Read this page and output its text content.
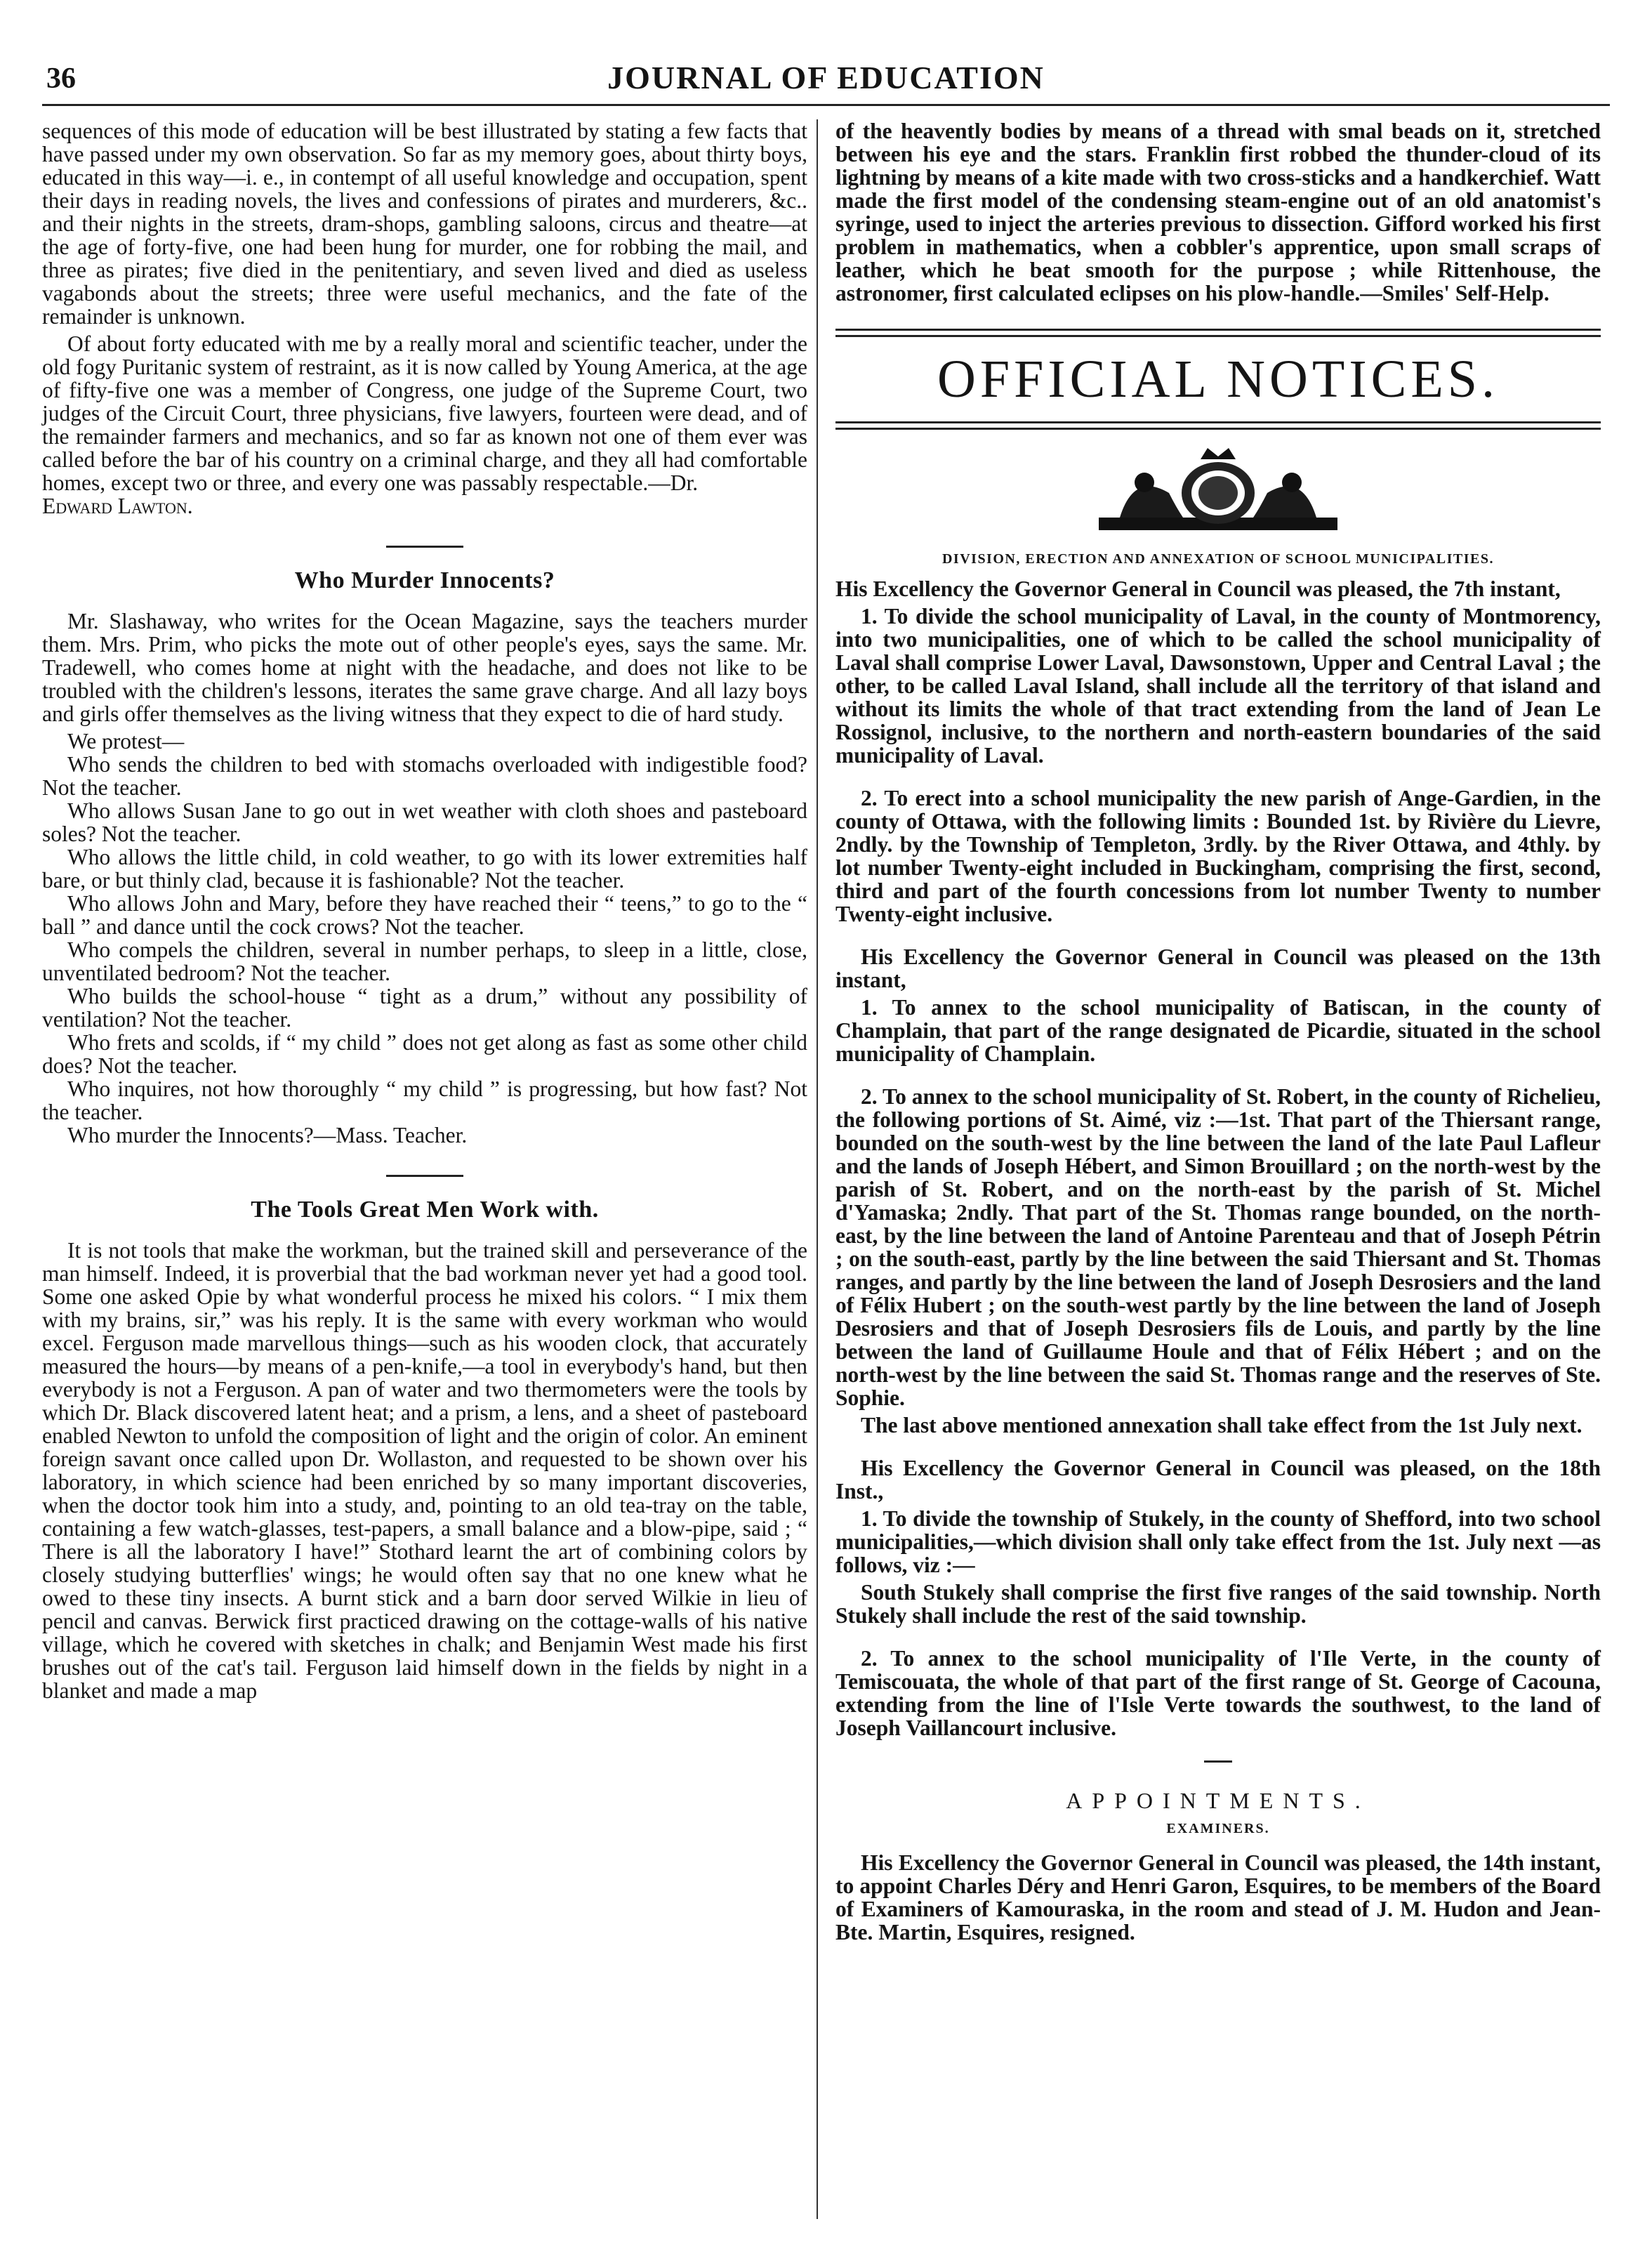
36	JOURNAL OF EDUCATION

sequences of this mode of education will be best illustrated by stating a few facts that have passed under my own observation. So far as my memory goes, about thirty boys, educated in this way—i. e., in contempt of all useful knowledge and occupation, spent their days in reading novels, the lives and confessions of pirates and murderers, &c.. and their nights in the streets, dram-shops, gambling saloons, circus and theatre—at the age of forty-five, one had been hung for murder, one for robbing the mail, and three as pirates; five died in the penitentiary, and seven lived and died as useless vagabonds about the streets; three were useful mechanics, and the fate of the remainder is unknown.

Of about forty educated with me by a really moral and scientific teacher, under the old fogy Puritanic system of restraint, as it is now called by Young America, at the age of fifty-five one was a member of Congress, one judge of the Supreme Court, two judges of the Circuit Court, three physicians, five lawyers, fourteen were dead, and of the remainder farmers and mechanics, and so far as known not one of them ever was called before the bar of his country on a criminal charge, and they all had comfortable homes, except two or three, and every one was passably respectable.—Dr.

Edward Lawton.

Who Murder Innocents?

Mr. Slashaway, who writes for the Ocean Magazine, says the teachers murder them. Mrs. Prim, who picks the mote out of other people's eyes, says the same. Mr. Tradewell, who comes home at night with the headache, and does not like to be troubled with the children's lessons, iterates the same grave charge. And all lazy boys and girls offer themselves as the living witness that they expect to die of hard study.

We protest—

Who sends the children to bed with stomachs overloaded with indigestible food? Not the teacher.

Who allows Susan Jane to go out in wet weather with cloth shoes and pasteboard soles? Not the teacher.

Who allows the little child, in cold weather, to go with its lower extremities half bare, or but thinly clad, because it is fashionable? Not the teacher.

Who allows John and Mary, before they have reached their “ teens,” to go to the “ ball ” and dance until the cock crows? Not the teacher.

Who compels the children, several in number perhaps, to sleep in a little, close, unventilated bedroom? Not the teacher.

Who builds the school-house “ tight as a drum,” without any possibility of ventilation? Not the teacher.

Who frets and scolds, if “ my child ” does not get along as fast as some other child does? Not the teacher.

Who inquires, not how thoroughly “ my child ” is progressing, but how fast? Not the teacher.

Who murder the Innocents?—Mass. Teacher.

The Tools Great Men Work with.

It is not tools that make the workman, but the trained skill and perseverance of the man himself. Indeed, it is proverbial that the bad workman never yet had a good tool. Some one asked Opie by what wonderful process he mixed his colors. “ I mix them with my brains, sir,” was his reply. It is the same with every workman who would excel. Ferguson made marvellous things—such as his wooden clock, that accurately measured the hours—by means of a pen-knife,—a tool in everybody's hand, but then everybody is not a Ferguson. A pan of water and two thermometers were the tools by which Dr. Black discovered latent heat; and a prism, a lens, and a sheet of pasteboard enabled Newton to unfold the composition of light and the origin of color. An eminent foreign savant once called upon Dr. Wollaston, and requested to be shown over his laboratory, in which science had been enriched by so many important discoveries, when the doctor took him into a study, and, pointing to an old tea-tray on the table, containing a few watch-glasses, test-papers, a small balance and a blow-pipe, said ; “ There is all the laboratory I have!” Stothard learnt the art of combining colors by closely studying butterflies' wings; he would often say that no one knew what he owed to these tiny insects. A burnt stick and a barn door served Wilkie in lieu of pencil and canvas. Berwick first practiced drawing on the cottage-walls of his native village, which he covered with sketches in chalk; and Benjamin West made his first brushes out of the cat's tail. Ferguson laid himself down in the fields by night in a blanket and made a map

of the heavently bodies by means of a thread with smal beads on it, stretched between his eye and the stars. Franklin first robbed the thunder-cloud of its lightning by means of a kite made with two cross-sticks and a handkerchief. Watt made the first model of the condensing steam-engine out of an old anatomist's syringe, used to inject the arteries previous to dissection. Gifford worked his first problem in mathematics, when a cobbler's apprentice, upon small scraps of leather, which he beat smooth for the purpose ; while Rittenhouse, the astronomer, first calculated eclipses on his plow-handle.—Smiles' Self-Help.

OFFICIAL NOTICES.
DIVISION, ERECTION AND ANNEXATION OF SCHOOL MUNICIPALITIES.

His Excellency the Governor General in Council was pleased, the 7th instant,

1. To divide the school municipality of Laval, in the county of Montmorency, into two municipalities, one of which to be called the school municipality of Laval shall comprise Lower Laval, Dawsonstown, Upper and Central Laval ; the other, to be called Laval Island, shall include all the territory of that island and without its limits the whole of that tract extending from the land of Jean Le Rossignol, inclusive, to the northern and north-eastern boundaries of the said municipality of Laval.

2. To erect into a school municipality the new parish of Ange-Gardien, in the county of Ottawa, with the following limits : Bounded 1st. by Rivière du Lievre, 2ndly. by the Township of Templeton, 3rdly. by the River Ottawa, and 4thly. by lot number Twenty-eight included in Buckingham, comprising the first, second, third and part of the fourth concessions from lot number Twenty to number Twenty-eight inclusive.

His Excellency the Governor General in Council was pleased on the 13th instant,

1. To annex to the school municipality of Batiscan, in the county of Champlain, that part of the range designated de Picardie, situated in the school municipality of Champlain.

2. To annex to the school municipality of St. Robert, in the county of Richelieu, the following portions of St. Aimé, viz :—1st. That part of the Thiersant range, bounded on the south-west by the line between the land of the late Paul Lafleur and the lands of Joseph Hébert, and Simon Brouillard ; on the north-west by the parish of St. Robert, and on the north-east by the parish of St. Michel d'Yamaska; 2ndly. That part of the St. Thomas range bounded, on the north-east, by the line between the land of Antoine Parenteau and that of Joseph Pétrin ; on the south-east, partly by the line between the said Thiersant and St. Thomas ranges, and partly by the line between the land of Joseph Desrosiers and the land of Félix Hubert ; on the south-west partly by the line between the land of Joseph Desrosiers and that of Joseph Desrosiers fils de Louis, and partly by the line between the land of Guillaume Houle and that of Félix Hébert ; and on the north-west by the line between the said St. Thomas range and the reserves of Ste. Sophie.

The last above mentioned annexation shall take effect from the 1st July next.

His Excellency the Governor General in Council was pleased, on the 18th Inst.,

1. To divide the township of Stukely, in the county of Shefford, into two school municipalities,—which division shall only take effect from the 1st. July next —as follows, viz :—

South Stukely shall comprise the first five ranges of the said township. North Stukely shall include the rest of the said township.

2. To annex to the school municipality of l'Ile Verte, in the county of Temiscouata, the whole of that part of the first range of St. George of Cacouna, extending from the line of l'Isle Verte towards the southwest, to the land of Joseph Vaillancourt inclusive.

APPOINTMENTS.
EXAMINERS.

His Excellency the Governor General in Council was pleased, the 14th instant, to appoint Charles Déry and Henri Garon, Esquires, to be members of the Board of Examiners of Kamouraska, in the room and stead of J. M. Hudon and Jean-Bte. Martin, Esquires, resigned.
